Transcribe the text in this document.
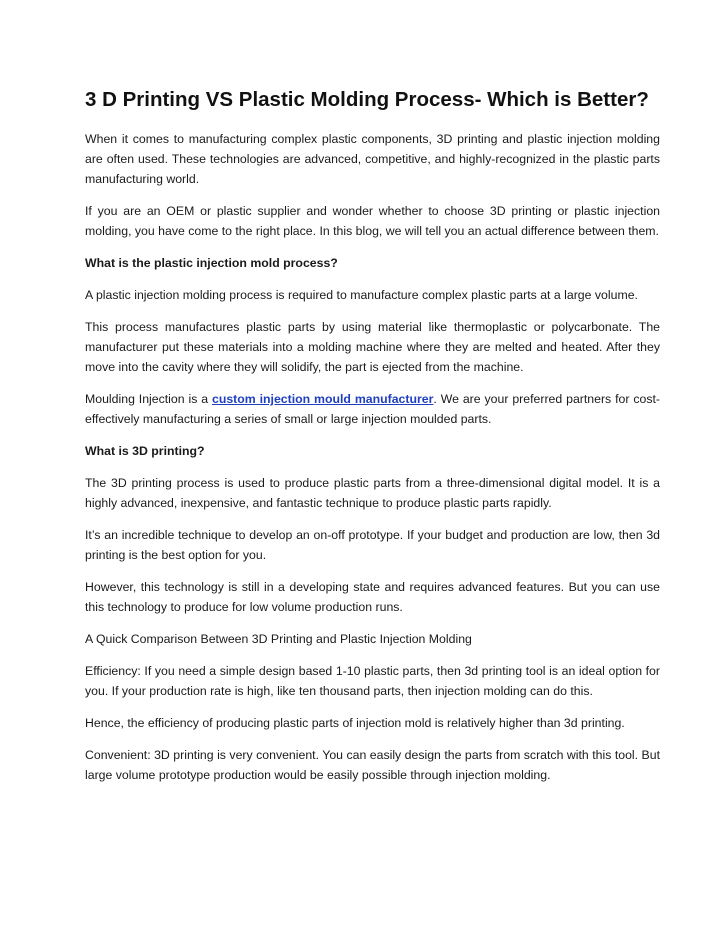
3 D Printing VS Plastic Molding Process- Which is Better?

When it comes to manufacturing complex plastic components, 3D printing and plastic injection molding are often used. These technologies are advanced, competitive, and highly-recognized in the plastic parts manufacturing world.

If you are an OEM or plastic supplier and wonder whether to choose 3D printing or plastic injection molding, you have come to the right place. In this blog, we will tell you an actual difference between them.

What is the plastic injection mold process?

A plastic injection molding process is required to manufacture complex plastic parts at a large volume.

This process manufactures plastic parts by using material like thermoplastic or polycarbonate. The manufacturer put these materials into a molding machine where they are melted and heated. After they move into the cavity where they will solidify, the part is ejected from the machine.

Moulding Injection is a custom injection mould manufacturer. We are your preferred partners for cost-effectively manufacturing a series of small or large injection moulded parts.

What is 3D printing?

The 3D printing process is used to produce plastic parts from a three-dimensional digital model. It is a highly advanced, inexpensive, and fantastic technique to produce plastic parts rapidly.

It’s an incredible technique to develop an on-off prototype. If your budget and production are low, then 3d printing is the best option for you.

However, this technology is still in a developing state and requires advanced features. But you can use this technology to produce for low volume production runs.

A Quick Comparison Between 3D Printing and Plastic Injection Molding

Efficiency: If you need a simple design based 1-10 plastic parts, then 3d printing tool is an ideal option for you. If your production rate is high, like ten thousand parts, then injection molding can do this.

Hence, the efficiency of producing plastic parts of injection mold is relatively higher than 3d printing.

Convenient: 3D printing is very convenient. You can easily design the parts from scratch with this tool. But large volume prototype production would be easily possible through injection molding.
